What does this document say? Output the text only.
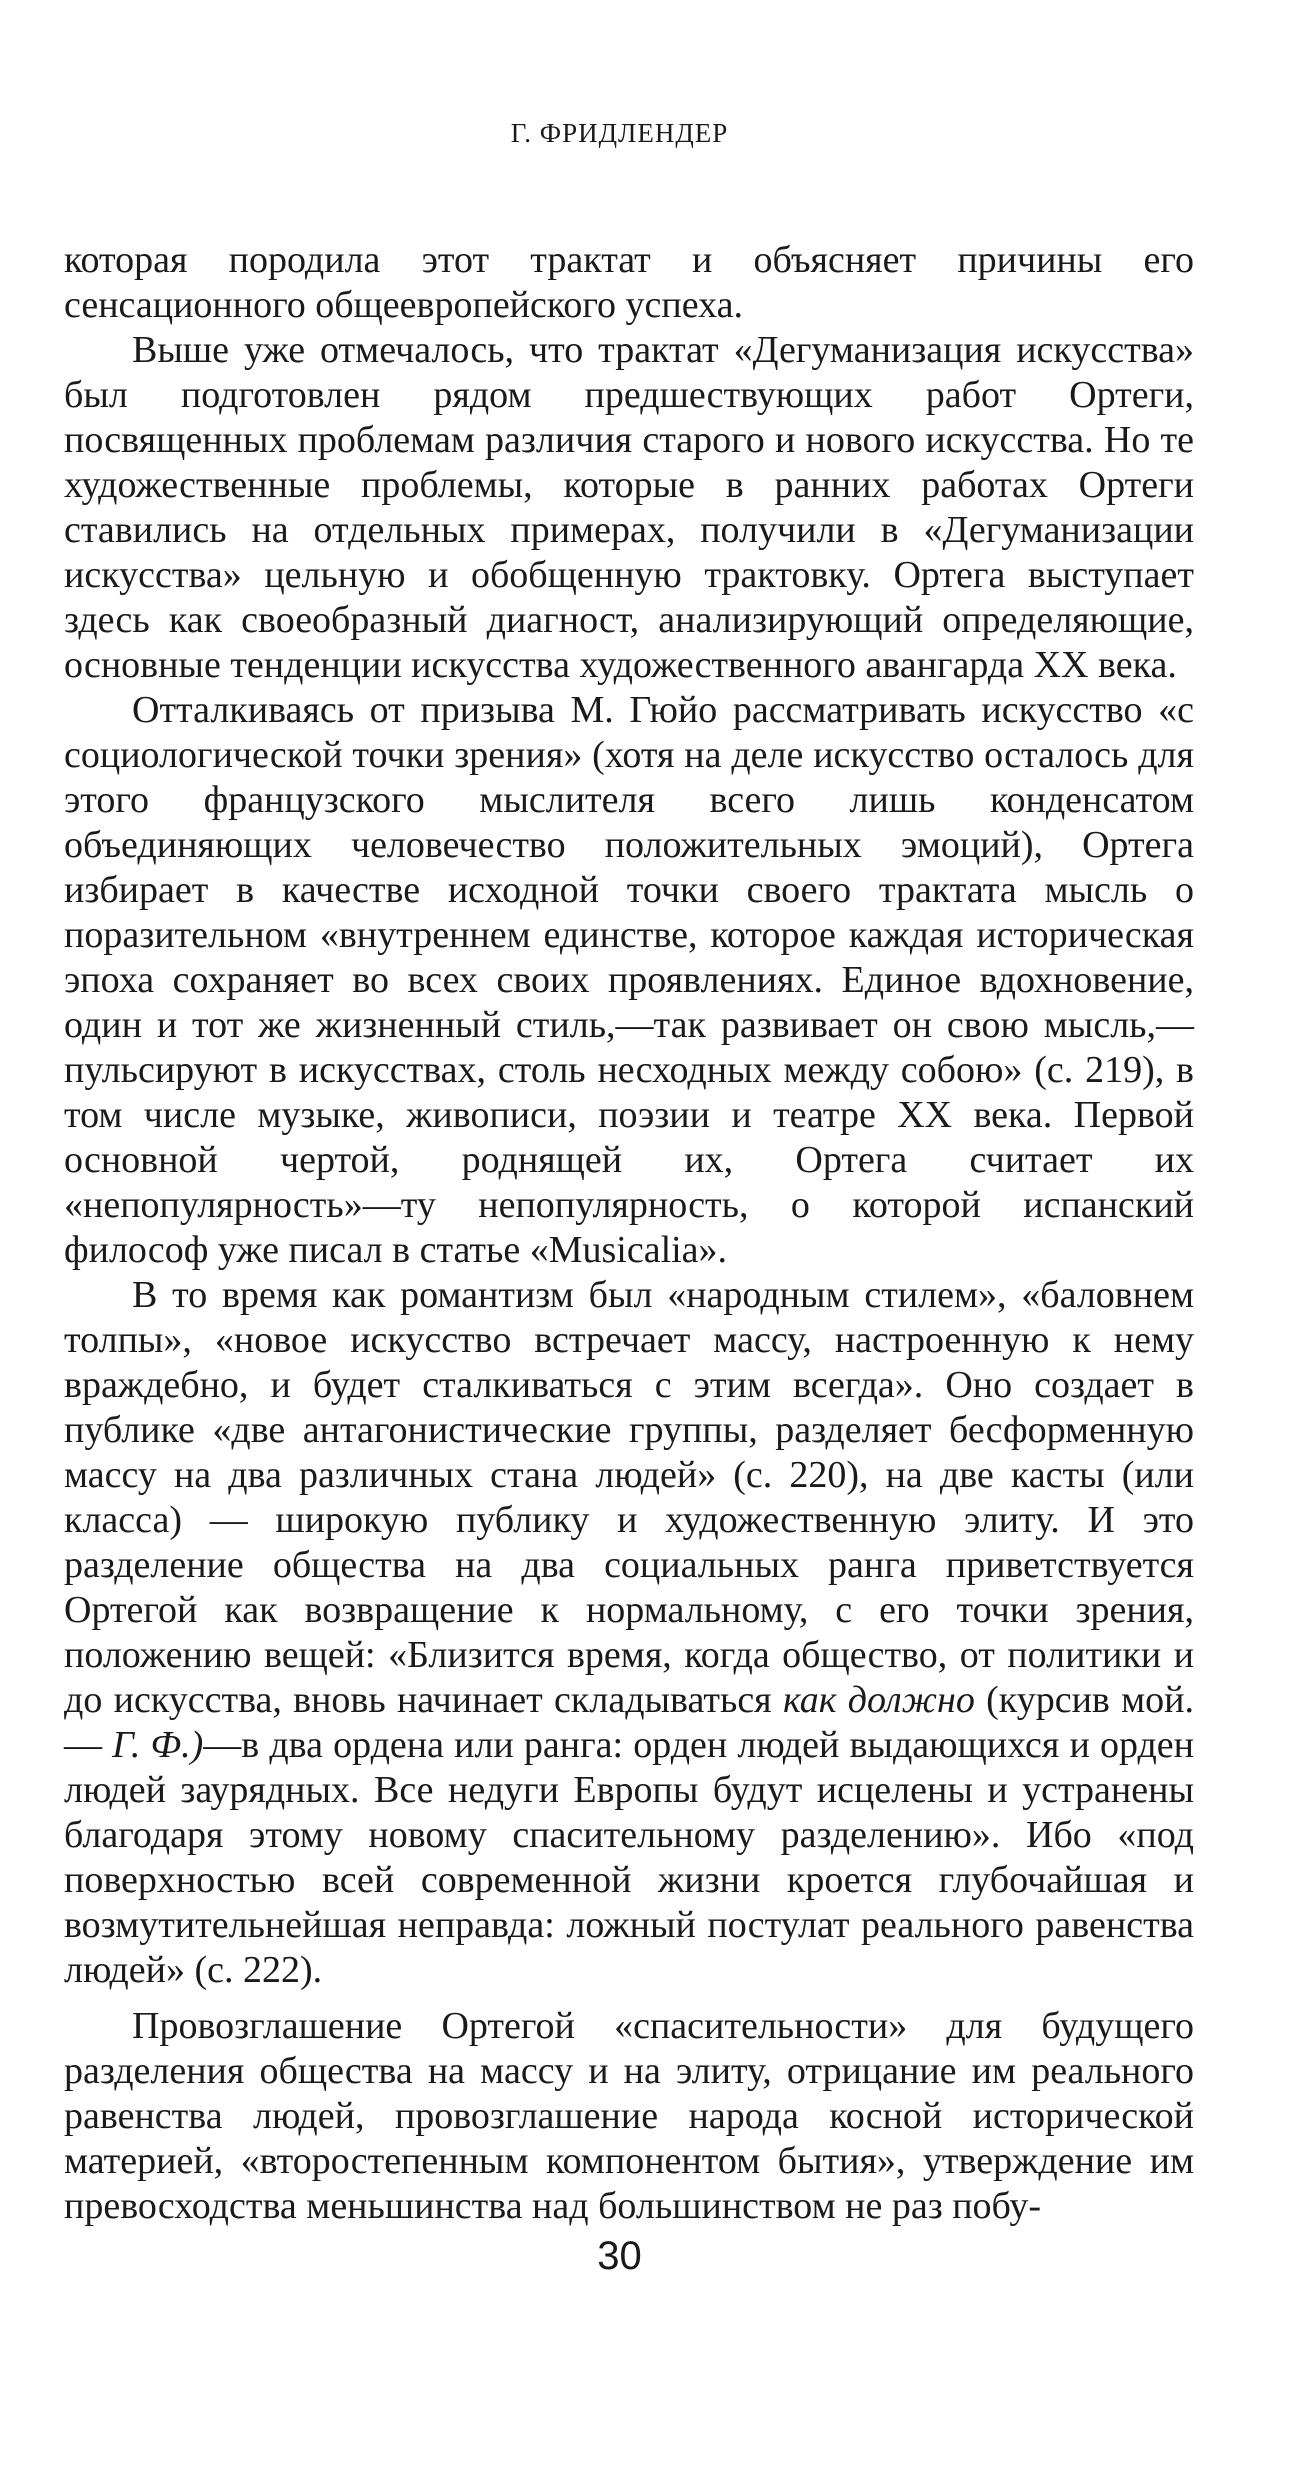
Г. ФРИДЛЕНДЕР

которая породила этот трактат и объясняет причины его сенсационного общеевропейского успеха.

Выше уже отмечалось, что трактат «Дегуманизация искусства» был подготовлен рядом предшествующих работ Ортеги, посвященных проблемам различия старого и нового искусства. Но те художественные проблемы, которые в ранних работах Ортеги ставились на отдельных примерах, получили в «Дегуманизации искусства» цельную и обобщенную трактовку. Ортега выступает здесь как своеобразный диагност, анализирующий определяющие, основные тенденции искусства художественного авангарда XX века.

Отталкиваясь от призыва М. Гюйо рассматривать искусство «с социологической точки зрения» (хотя на деле искусство осталось для этого французского мыслителя всего лишь конденсатом объединяющих человечество положительных эмоций), Ортега избирает в качестве исходной точки своего трактата мысль о поразительном «внутреннем единстве, которое каждая историческая эпоха сохраняет во всех своих проявлениях. Единое вдохновение, один и тот же жизненный стиль,—так развивает он свою мысль,—пульсируют в искусствах, столь несходных между собою» (с. 219), в том числе музыке, живописи, поэзии и театре XX века. Первой основной чертой, роднящей их, Ортега считает их «непопулярность»—ту непопулярность, о которой испанский философ уже писал в статье «Musicalia».

В то время как романтизм был «народным стилем», «баловнем толпы», «новое искусство встречает массу, настроенную к нему враждебно, и будет сталкиваться с этим всегда». Оно создает в публике «две антагонистические группы, разделяет бесформенную массу на два различных стана людей» (с. 220), на две касты (или класса) — широкую публику и художественную элиту. И это разделение общества на два социальных ранга приветствуется Ортегой как возвращение к нормальному, с его точки зрения, положению вещей: «Близится время, когда общество, от политики и до искусства, вновь начинает складываться как должно (курсив мой.— Г. Ф.)—в два ордена или ранга: орден людей выдающихся и орден людей заурядных. Все недуги Европы будут исцелены и устранены благодаря этому новому спасительному разделению». Ибо «под поверхностью всей современной жизни кроется глубочайшая и возмутительнейшая неправда: ложный постулат реального равенства людей» (с. 222).

Провозглашение Ортегой «спасительности» для будущего разделения общества на массу и на элиту, отрицание им реального равенства людей, провозглашение народа косной исторической материей, «второстепенным компонентом бытия», утверждение им превосходства меньшинства над большинством не раз побу-

30
